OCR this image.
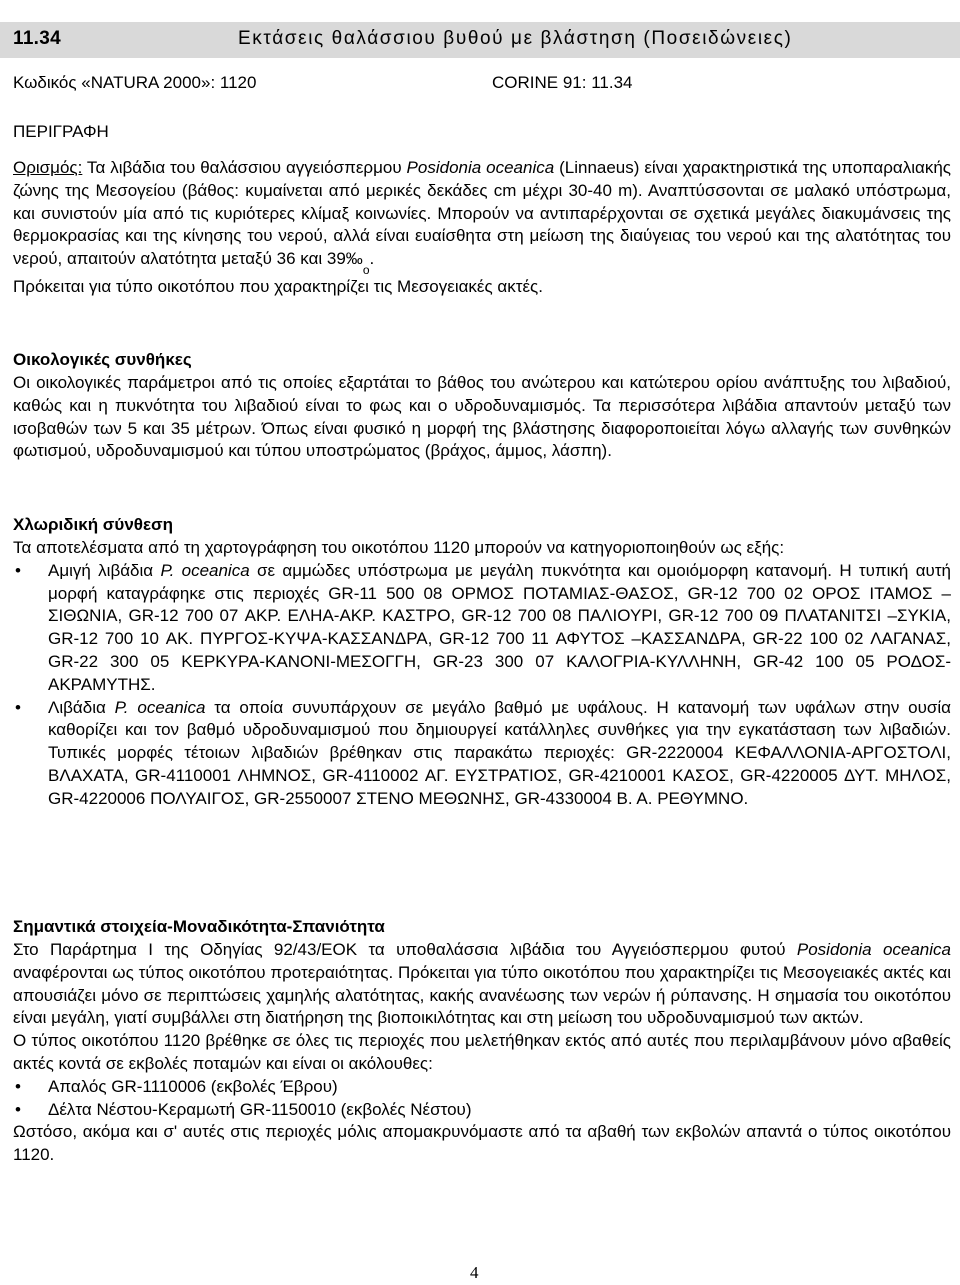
11.34	Εκτάσεις θαλάσσιου βυθού με βλάστηση (Ποσειδώνειες)
Κωδικός «NATURA 2000»: 1120	CORINE 91: 11.34
ΠΕΡΙΓΡΑΦΗ

Ορισμός: Τα λιβάδια του θαλάσσιου αγγειόσπερμου Posidonia oceanica (Linnaeus) είναι χαρακτηριστικά της υποπαραλιακής ζώνης της Μεσογείου (βάθος: κυμαίνεται από μερικές δεκάδες cm μέχρι 30-40 m). Αναπτύσσονται σε μαλακό υπόστρωμα, και συνιστούν μία από τις κυριότερες κλίμαξ κοινωνίες. Μπορούν να αντιπαρέρχονται σε σχετικά μεγάλες διακυμάνσεις της θερμοκρασίας και της κίνησης του νερού, αλλά είναι ευαίσθητα στη μείωση της διαύγειας του νερού και της αλατότητας του νερού, απαιτούν αλατότητα μεταξύ 36 και $39‰_o$.

Πρόκειται για τύπο οικοτόπου που χαρακτηρίζει τις Μεσογειακές ακτές.

Οικολογικές συνθήκες

Οι οικολογικές παράμετροι από τις οποίες εξαρτάται το βάθος του ανώτερου και κατώτερου ορίου ανάπτυξης του λιβαδιού, καθώς και η πυκνότητα του λιβαδιού είναι το φως και ο υδροδυναμισμός. Τα περισσότερα λιβάδια απαντούν μεταξύ των ισοβαθών των 5 και 35 μέτρων. Όπως είναι φυσικό η μορφή της βλάστησης διαφοροποιείται λόγω αλλαγής των συνθηκών φωτισμού, υδροδυναμισμού και τύπου υποστρώματος (βράχος, άμμος, λάσπη).

Χλωριδική σύνθεση

Τα αποτελέσματα από τη χαρτογράφηση του οικοτόπου 1120 μπορούν να κατηγοριοποιηθούν ως εξής:

• Αμιγή λιβάδια P. oceanica σε αμμώδες υπόστρωμα με μεγάλη πυκνότητα και ομοιόμορφη κατανομή. Η τυπική αυτή μορφή καταγράφηκε στις περιοχές GR-11 500 08 ΟΡΜΟΣ ΠΟΤΑΜΙΑΣ-ΘΑΣΟΣ, GR-12 700 02 ΟΡΟΣ ΙΤΑΜΟΣ –ΣΙΘΩΝΙΑ, GR-12 700 07 ΑΚΡ. ΕΛΗΑ-ΑΚΡ. ΚΑΣΤΡΟ, GR-12 700 08 ΠΑΛΙΟΥΡΙ, GR-12 700 09 ΠΛΑΤΑΝΙΤΣΙ –ΣΥΚΙΑ, GR-12 700 10 ΑΚ. ΠΥΡΓΟΣ-ΚΥΨΑ-ΚΑΣΣΑΝΔΡΑ, GR-12 700 11 ΑΦΥΤΟΣ –ΚΑΣΣΑΝΔΡΑ, GR-22 100 02 ΛΑΓΑΝΑΣ, GR-22 300 05 ΚΕΡΚΥΡΑ-ΚΑΝΟΝΙ-ΜΕΣΟΓΓΗ, GR-23 300 07 ΚΑΛΟΓΡΙΑ-ΚΥΛΛΗΝΗ, GR-42 100 05 ΡΟΔΟΣ- ΑΚΡΑΜΥΤΗΣ.
• Λιβάδια P. oceanica τα οποία συνυπάρχουν σε μεγάλο βαθμό με υφάλους. Η κατανομή των υφάλων στην ουσία καθορίζει και τον βαθμό υδροδυναμισμού που δημιουργεί κατάλληλες συνθήκες για την εγκατάσταση των λιβαδιών. Τυπικές μορφές τέτοιων λιβαδιών βρέθηκαν στις παρακάτω περιοχές: GR-2220004 ΚΕΦΑΛΛΟΝΙΑ-ΑΡΓΟΣΤΟΛΙ, ΒΛΑΧΑΤΑ, GR-4110001 ΛΗΜΝΟΣ, GR-4110002 ΑΓ. ΕΥΣΤΡΑΤΙΟΣ, GR-4210001 ΚΑΣΟΣ, GR-4220005 ΔΥΤ. ΜΗΛΟΣ, GR-4220006 ΠΟΛΥΑΙΓΟΣ, GR-2550007 ΣΤΕΝΟ ΜΕΘΩΝΗΣ, GR-4330004 Β. Α. ΡΕΘΥΜΝΟ.
Σημαντικά στοιχεία-Μοναδικότητα-Σπανιότητα

Στο Παράρτημα Ι της Οδηγίας 92/43/ΕΟΚ τα υποθαλάσσια λιβάδια του Αγγειόσπερμου φυτού Posidonia oceanica αναφέρονται ως τύπος οικοτόπου προτεραιότητας. Πρόκειται για τύπο οικοτόπου που χαρακτηρίζει τις Μεσογειακές ακτές και απουσιάζει μόνο σε περιπτώσεις χαμηλής αλατότητας, κακής ανανέωσης των νερών ή ρύπανσης. Η σημασία του οικοτόπου είναι μεγάλη, γιατί συμβάλλει στη διατήρηση της βιοποικιλότητας και στη μείωση του υδροδυναμισμού των ακτών.

Ο τύπος οικοτόπου 1120 βρέθηκε σε όλες τις περιοχές που μελετήθηκαν εκτός από αυτές που περιλαμβάνουν μόνο αβαθείς ακτές κοντά σε εκβολές ποταμών και είναι οι ακόλουθες:

• Απαλός GR-1110006 (εκβολές Έβρου)
• Δέλτα Νέστου-Κεραμωτή GR-1150010 (εκβολές Νέστου)

Ωστόσο, ακόμα και σ' αυτές στις περιοχές μόλις απομακρυνόμαστε από τα αβαθή των εκβολών απαντά ο τύπος οικοτόπου 1120.

4
